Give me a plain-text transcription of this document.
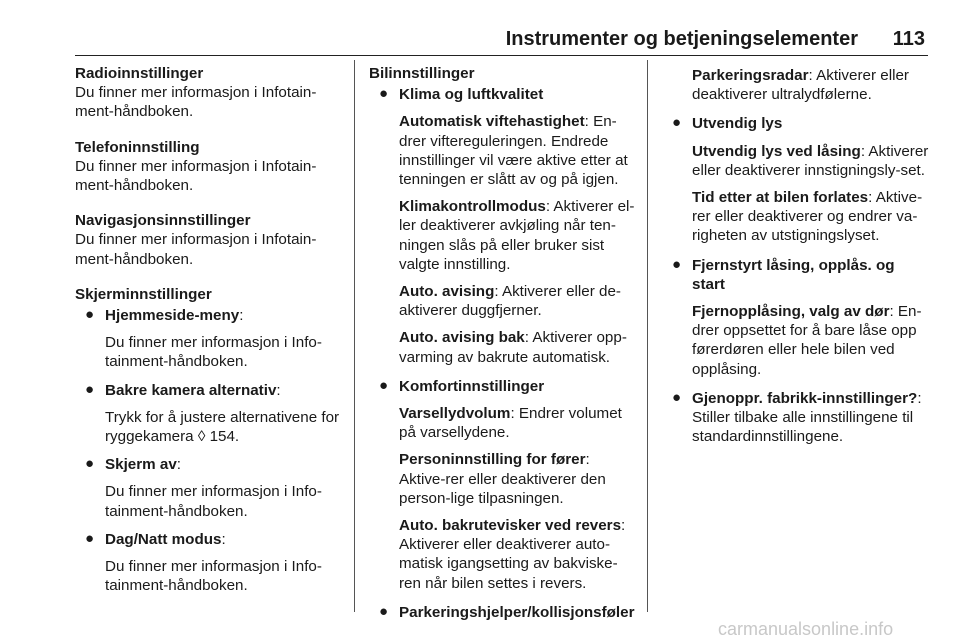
Instrumenter og betjeningselementer 113

Radioinnstillinger

Du finner mer informasjon i Infotain-ment-håndboken.

Telefoninnstilling

Du finner mer informasjon i Infotain-ment-håndboken.

Navigasjonsinnstillinger

Du finner mer informasjon i Infotain-ment-håndboken.

Skjerminnstillinger

● Hjemmeside-meny:
Du finner mer informasjon i Info-tainment-håndboken.
● Bakre kamera alternativ:
Trykk for å justere alternativene for ryggekamera ◊ 154.
● Skjerm av:
Du finner mer informasjon i Info-tainment-håndboken.
● Dag/Natt modus:
Du finner mer informasjon i Info-tainment-håndboken.

Bilinnstillinger

● Klima og luftkvalitet
Automatisk viftehastighet: En-drer viftereguleringen. Endrede innstillinger vil være aktive etter at tenningen er slått av og på igjen.
Klimakontrollmodus: Aktiverer el-ler deaktiverer avkjøling når ten-ningen slås på eller bruker sist valgte innstilling.
Auto. avising: Aktiverer eller de-aktiverer duggfjerner.
Auto. avising bak: Aktiverer opp-varming av bakrute automatisk.
● Komfortinnstillinger
Varsellydvolum: Endrer volumet på varsellydene.
Personinnstilling for fører: Aktive-rer eller deaktiverer den person-lige tilpasningen.
Auto. bakrutevisker ved revers: Aktiverer eller deaktiverer auto-matisk igangsetting av bakviske-ren når bilen settes i revers.
● Parkeringshjelper/kollisjonsføler
Parkeringsradar: Aktiverer eller deaktiverer ultralydfølerne.
● Utvendig lys
Utvendig lys ved låsing: Aktiverer eller deaktiverer innstigningsly-set.
Tid etter at bilen forlates: Aktive-rer eller deaktiverer og endrer va-righeten av utstigningslyset.
● Fjernstyrt låsing, opplås. og start
Fjernopplåsing, valg av dør: En-drer oppsettet for å bare låse opp førerdøren eller hele bilen ved opplåsing.
● Gjenoppr. fabrikk-innstillinger?: Stiller tilbake alle innstillingene til standardinnstillingene.
carmanualsonline.info
